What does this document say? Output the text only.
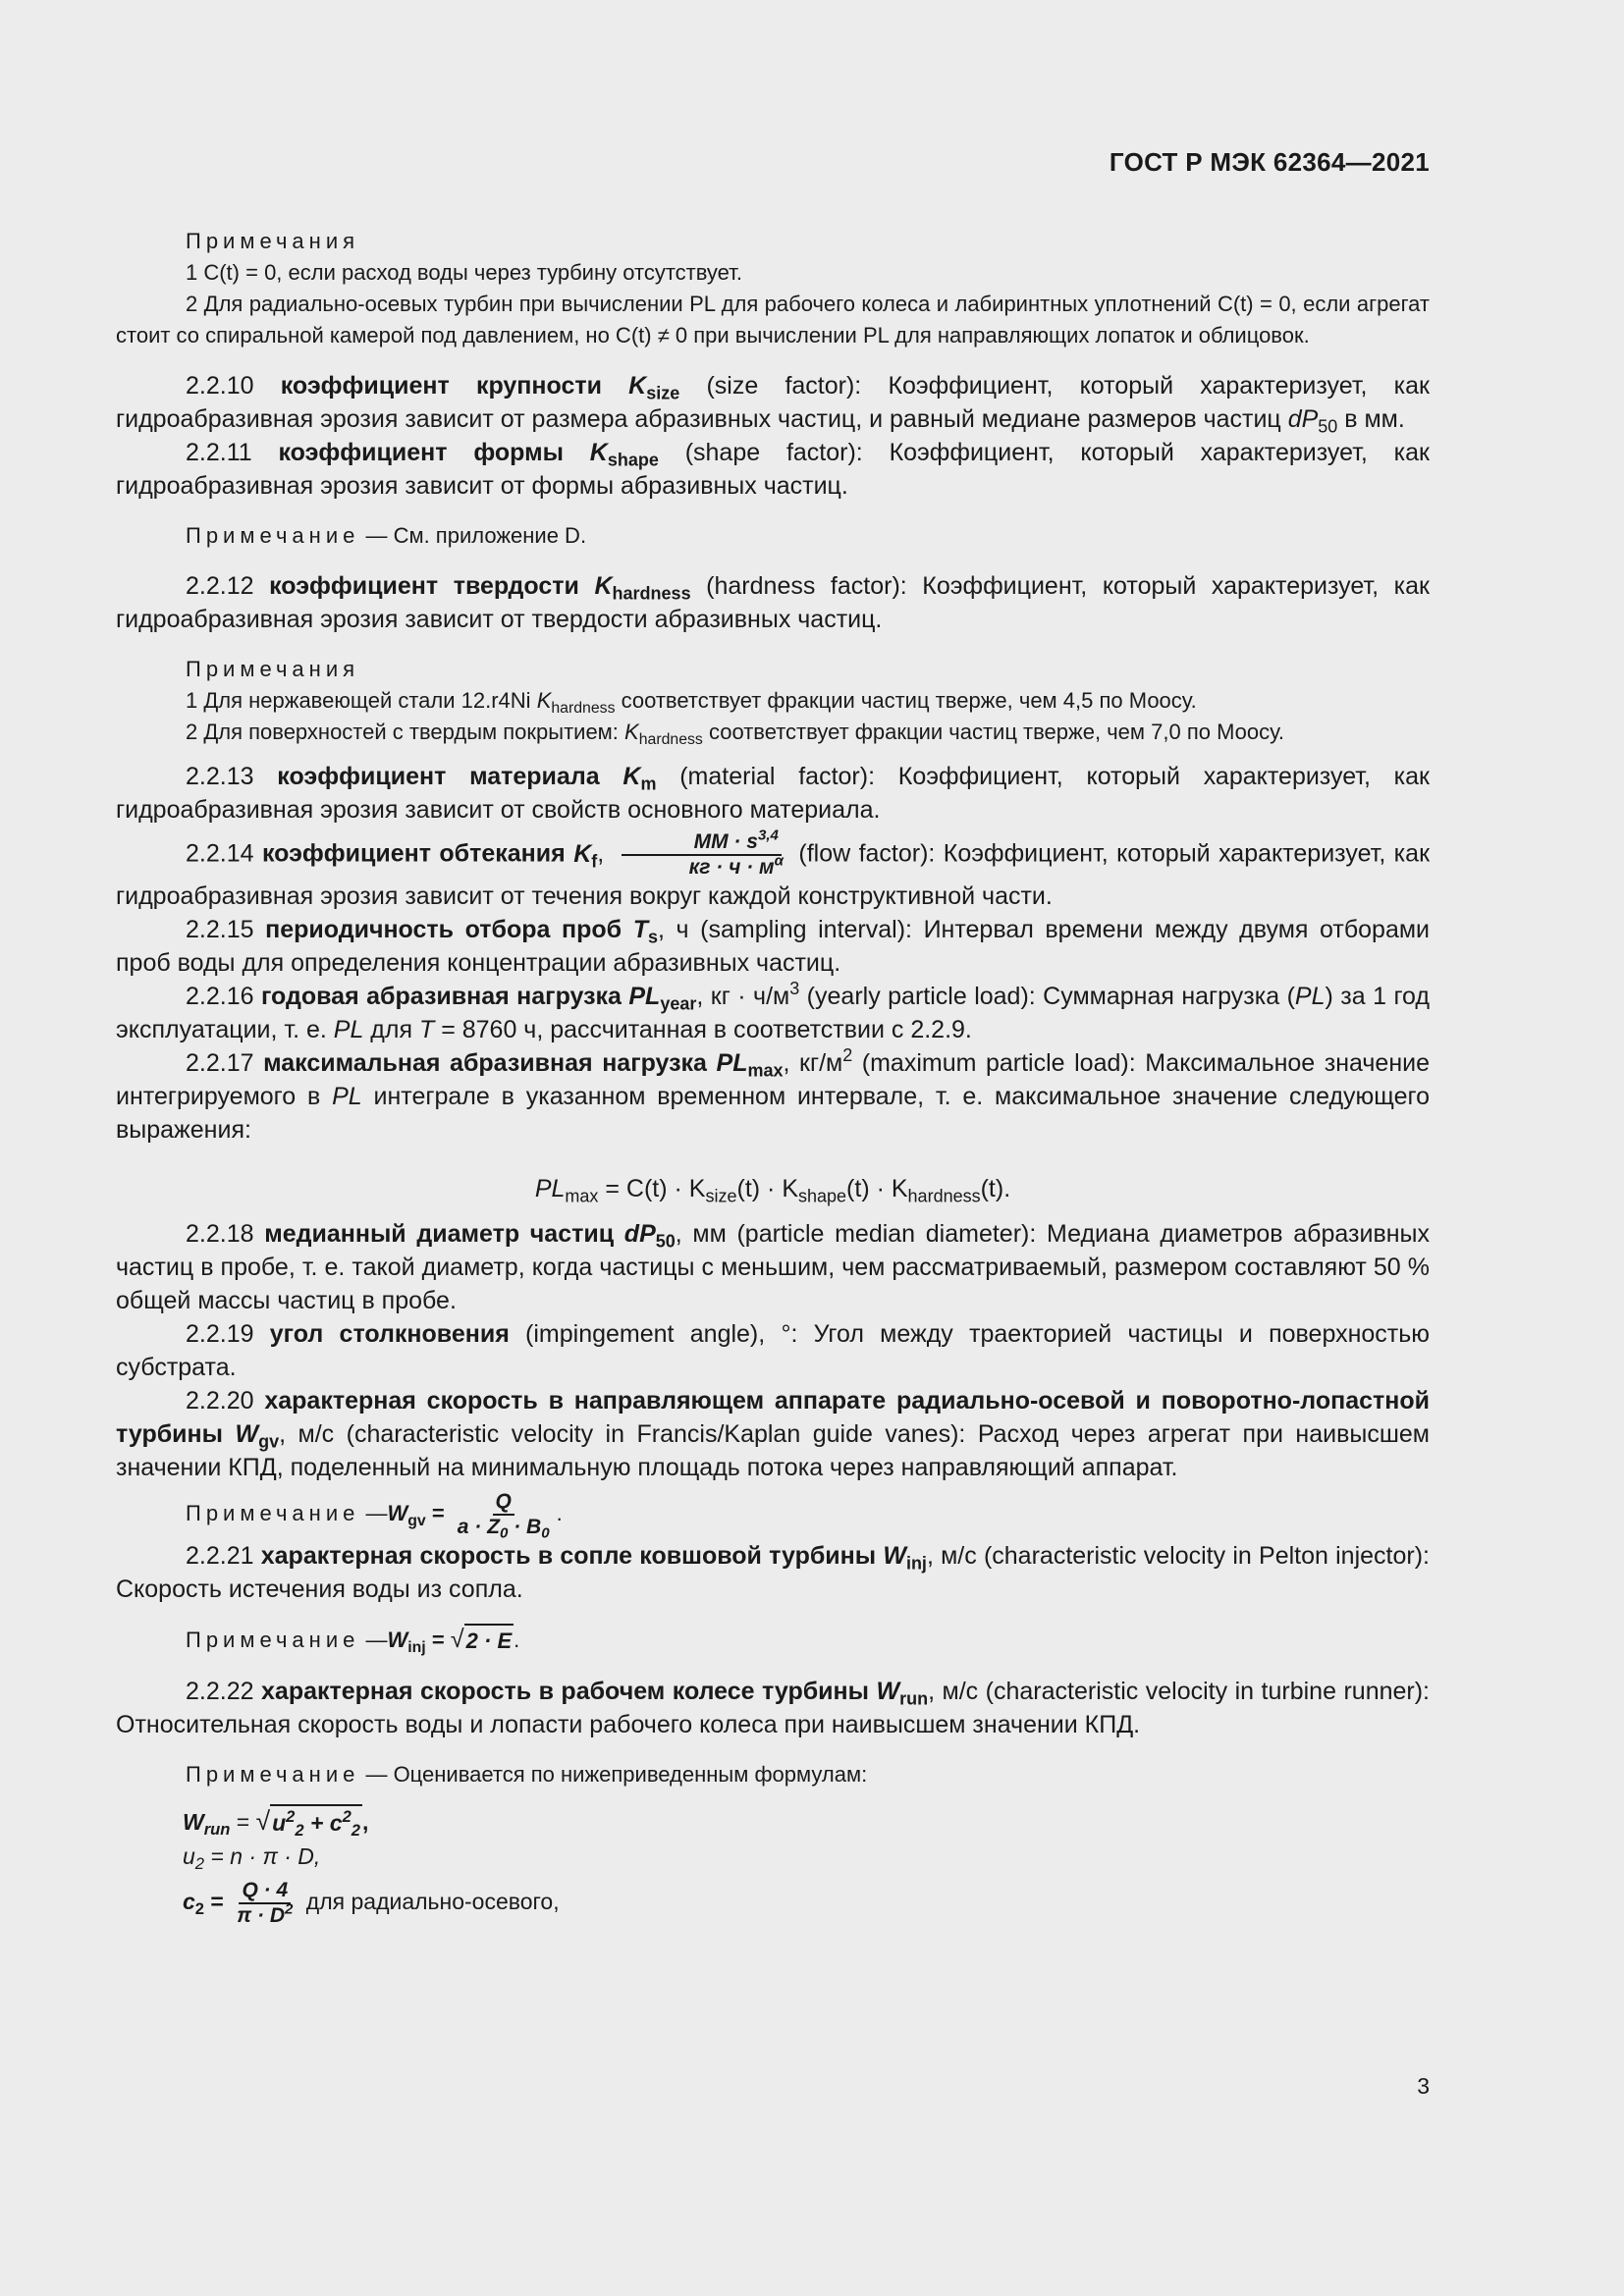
ГОСТ Р МЭК 62364—2021
Примечания
1 C(t) = 0, если расход воды через турбину отсутствует.
2 Для радиально-осевых турбин при вычислении PL для рабочего колеса и лабиринтных уплотнений C(t) = 0, если агрегат стоит со спиральной камерой под давлением, но C(t) ≠ 0 при вычислении PL для направляющих лопаток и облицовок.

2.2.10 коэффициент крупности $K_{size}$ (size factor): Коэффициент, который характеризует, как гидроабразивная эрозия зависит от размера абразивных частиц, и равный медиане размеров частиц $dP_{50}$ в мм.

2.2.11 коэффициент формы $K_{shape}$ (shape factor): Коэффициент, который характеризует, как гидроабразивная эрозия зависит от формы абразивных частиц.

Примечание — См. приложение D.

2.2.12 коэффициент твердости $K_{hardness}$ (hardness factor): Коэффициент, который характеризует, как гидроабразивная эрозия зависит от твердости абразивных частиц.

Примечания
1 Для нержавеющей стали 12.r4Ni $K_{hardness}$ соответствует фракции частиц тверже, чем 4,5 по Моосу.
2 Для поверхностей с твердым покрытием: $K_{hardness}$ соответствует фракции частиц тверже, чем 7,0 по Моосу.

2.2.13 коэффициент материала $K_m$ (material factor): Коэффициент, который характеризует, как гидроабразивная эрозия зависит от свойств основного материала.

2.2.14 коэффициент обтекания $K_f$, $\frac{MM \cdot s^{3,4}}{кг \cdot ч \cdot м^\alpha}$ (flow factor): Коэффициент, который характеризует, как гидроабразивная эрозия зависит от течения вокруг каждой конструктивной части.

2.2.15 периодичность отбора проб $T_s$, ч (sampling interval): Интервал времени между двумя отборами проб воды для определения концентрации абразивных частиц.

2.2.16 годовая абразивная нагрузка $PL_{year}$, кг · $ч/м^3$ (yearly particle load): Суммарная нагрузка (PL) за 1 год эксплуатации, т. е. PL для T = 8760 ч, рассчитанная в соответствии с 2.2.9.

2.2.17 максимальная абразивная нагрузка $PL_{max}$, $кг/м^2$ (maximum particle load): Максимальное значение интегрируемого в PL интеграле в указанном временном интервале, т. е. максимальное значение следующего выражения:

$PL_{max} = C(t) \cdot K_{size}(t) \cdot K_{shape}(t) \cdot K_{hardness}(t)$.

2.2.18 медианный диаметр частиц $dP_{50}$, мм (particle median diameter): Медиана диаметров абразивных частиц в пробе, т. е. такой диаметр, когда частицы с меньшим, чем рассматриваемый, размером составляют 50 % общей массы частиц в пробе.

2.2.19 угол столкновения (impingement angle), °: Угол между траекторией частицы и поверхностью субстрата.

2.2.20 характерная скорость в направляющем аппарате радиально-осевой и поворотно-лопастной турбины $W_{gv}$, м/с (characteristic velocity in Francis/Kaplan guide vanes): Расход через агрегат при наивысшем значении КПД, поделенный на минимальную площадь потока через направляющий аппарат.

Примечание $—W_{gv} = \frac{Q}{a \cdot Z_0 \cdot B_0}$ .

2.2.21 характерная скорость в сопле ковшовой турбины $W_{inj}$, м/с (characteristic velocity in Pelton injector): Скорость истечения воды из сопла.

Примечание $—W_{inj}$ = √ 2 · E .

2.2.22 характерная скорость в рабочем колесе турбины $W_{run}$, м/с (characteristic velocity in turbine runner): Относительная скорость воды и лопасти рабочего колеса при наивысшем значении КПД.

Примечание — Оценивается по нижеприведенным формулам:
$W_{run}$ = √ $u^2_2 + c^2_2$ ,
$u_2 = n \cdot \pi \cdot D$,
$c_2 = \frac{Q \cdot 4}{\pi \cdot D^2}$ для радиально-осевого,
3
